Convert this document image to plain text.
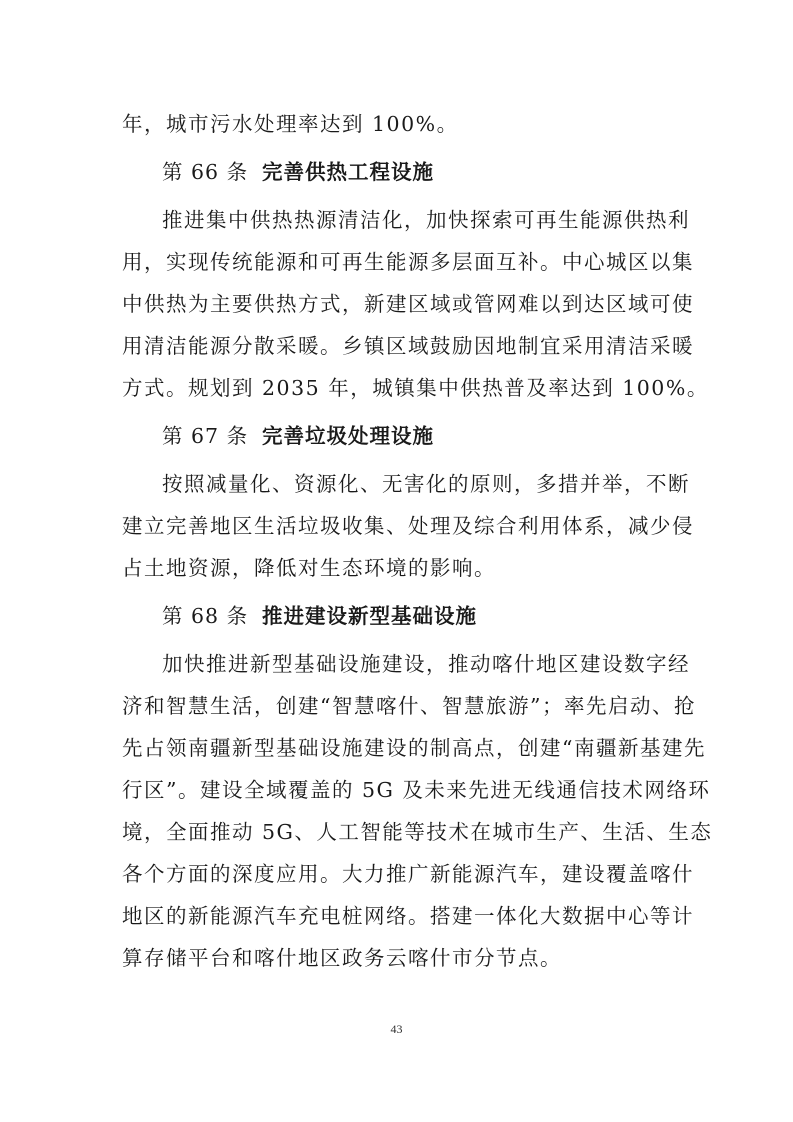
年，城市污水处理率达到 100%。
第 66 条 完善供热工程设施
推进集中供热热源清洁化，加快探索可再生能源供热利
用，实现传统能源和可再生能源多层面互补。中心城区以集
中供热为主要供热方式，新建区域或管网难以到达区域可使
用清洁能源分散采暖。乡镇区域鼓励因地制宜采用清洁采暖
方式。规划到 2035 年，城镇集中供热普及率达到 100%。
第 67 条 完善垃圾处理设施
按照减量化、资源化、无害化的原则，多措并举，不断
建立完善地区生活垃圾收集、处理及综合利用体系，减少侵
占土地资源，降低对生态环境的影响。
第 68 条 推进建设新型基础设施
加快推进新型基础设施建设，推动喀什地区建设数字经
济和智慧生活，创建“智慧喀什、智慧旅游”；率先启动、抢
先占领南疆新型基础设施建设的制高点，创建“南疆新基建先
行区”。建设全域覆盖的 5G 及未来先进无线通信技术网络环
境，全面推动 5G、人工智能等技术在城市生产、生活、生态
各个方面的深度应用。大力推广新能源汽车，建设覆盖喀什
地区的新能源汽车充电桩网络。搭建一体化大数据中心等计
算存储平台和喀什地区政务云喀什市分节点。
43
